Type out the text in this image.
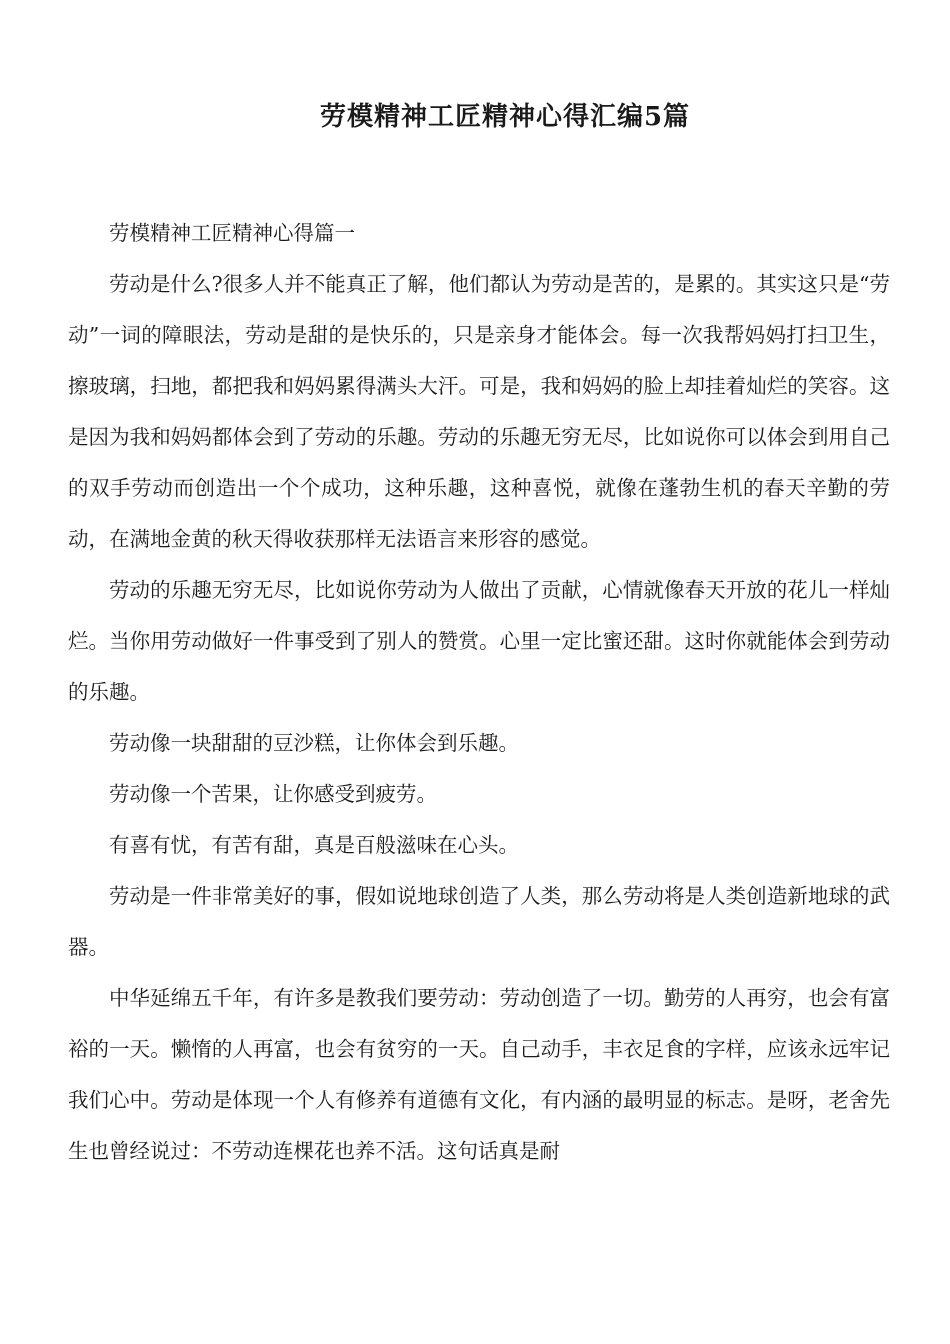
劳模精神工匠精神心得汇编5篇

劳模精神工匠精神心得篇一

劳动是什么?很多人并不能真正了解，他们都认为劳动是苦的，是累的。其实这只是“劳动”一词的障眼法，劳动是甜的是快乐的，只是亲身才能体会。每一次我帮妈妈打扫卫生，擦玻璃，扫地，都把我和妈妈累得满头大汗。可是，我和妈妈的脸上却挂着灿烂的笑容。这是因为我和妈妈都体会到了劳动的乐趣。劳动的乐趣无穷无尽，比如说你可以体会到用自己的双手劳动而创造出一个个成功，这种乐趣，这种喜悦，就像在蓬勃生机的春天辛勤的劳动，在满地金黄的秋天得收获那样无法语言来形容的感觉。

劳动的乐趣无穷无尽，比如说你劳动为人做出了贡献，心情就像春天开放的花儿一样灿烂。当你用劳动做好一件事受到了别人的赞赏。心里一定比蜜还甜。这时你就能体会到劳动的乐趣。

劳动像一块甜甜的豆沙糕，让你体会到乐趣。

劳动像一个苦果，让你感受到疲劳。

有喜有忧，有苦有甜，真是百般滋味在心头。

劳动是一件非常美好的事，假如说地球创造了人类，那么劳动将是人类创造新地球的武器。

中华延绵五千年，有许多是教我们要劳动：劳动创造了一切。勤劳的人再穷，也会有富裕的一天。懒惰的人再富，也会有贫穷的一天。自己动手，丰衣足食的字样，应该永远牢记我们心中。劳动是体现一个人有修养有道德有文化，有内涵的最明显的标志。是呀，老舍先生也曾经说过：不劳动连棵花也养不活。这句话真是耐
